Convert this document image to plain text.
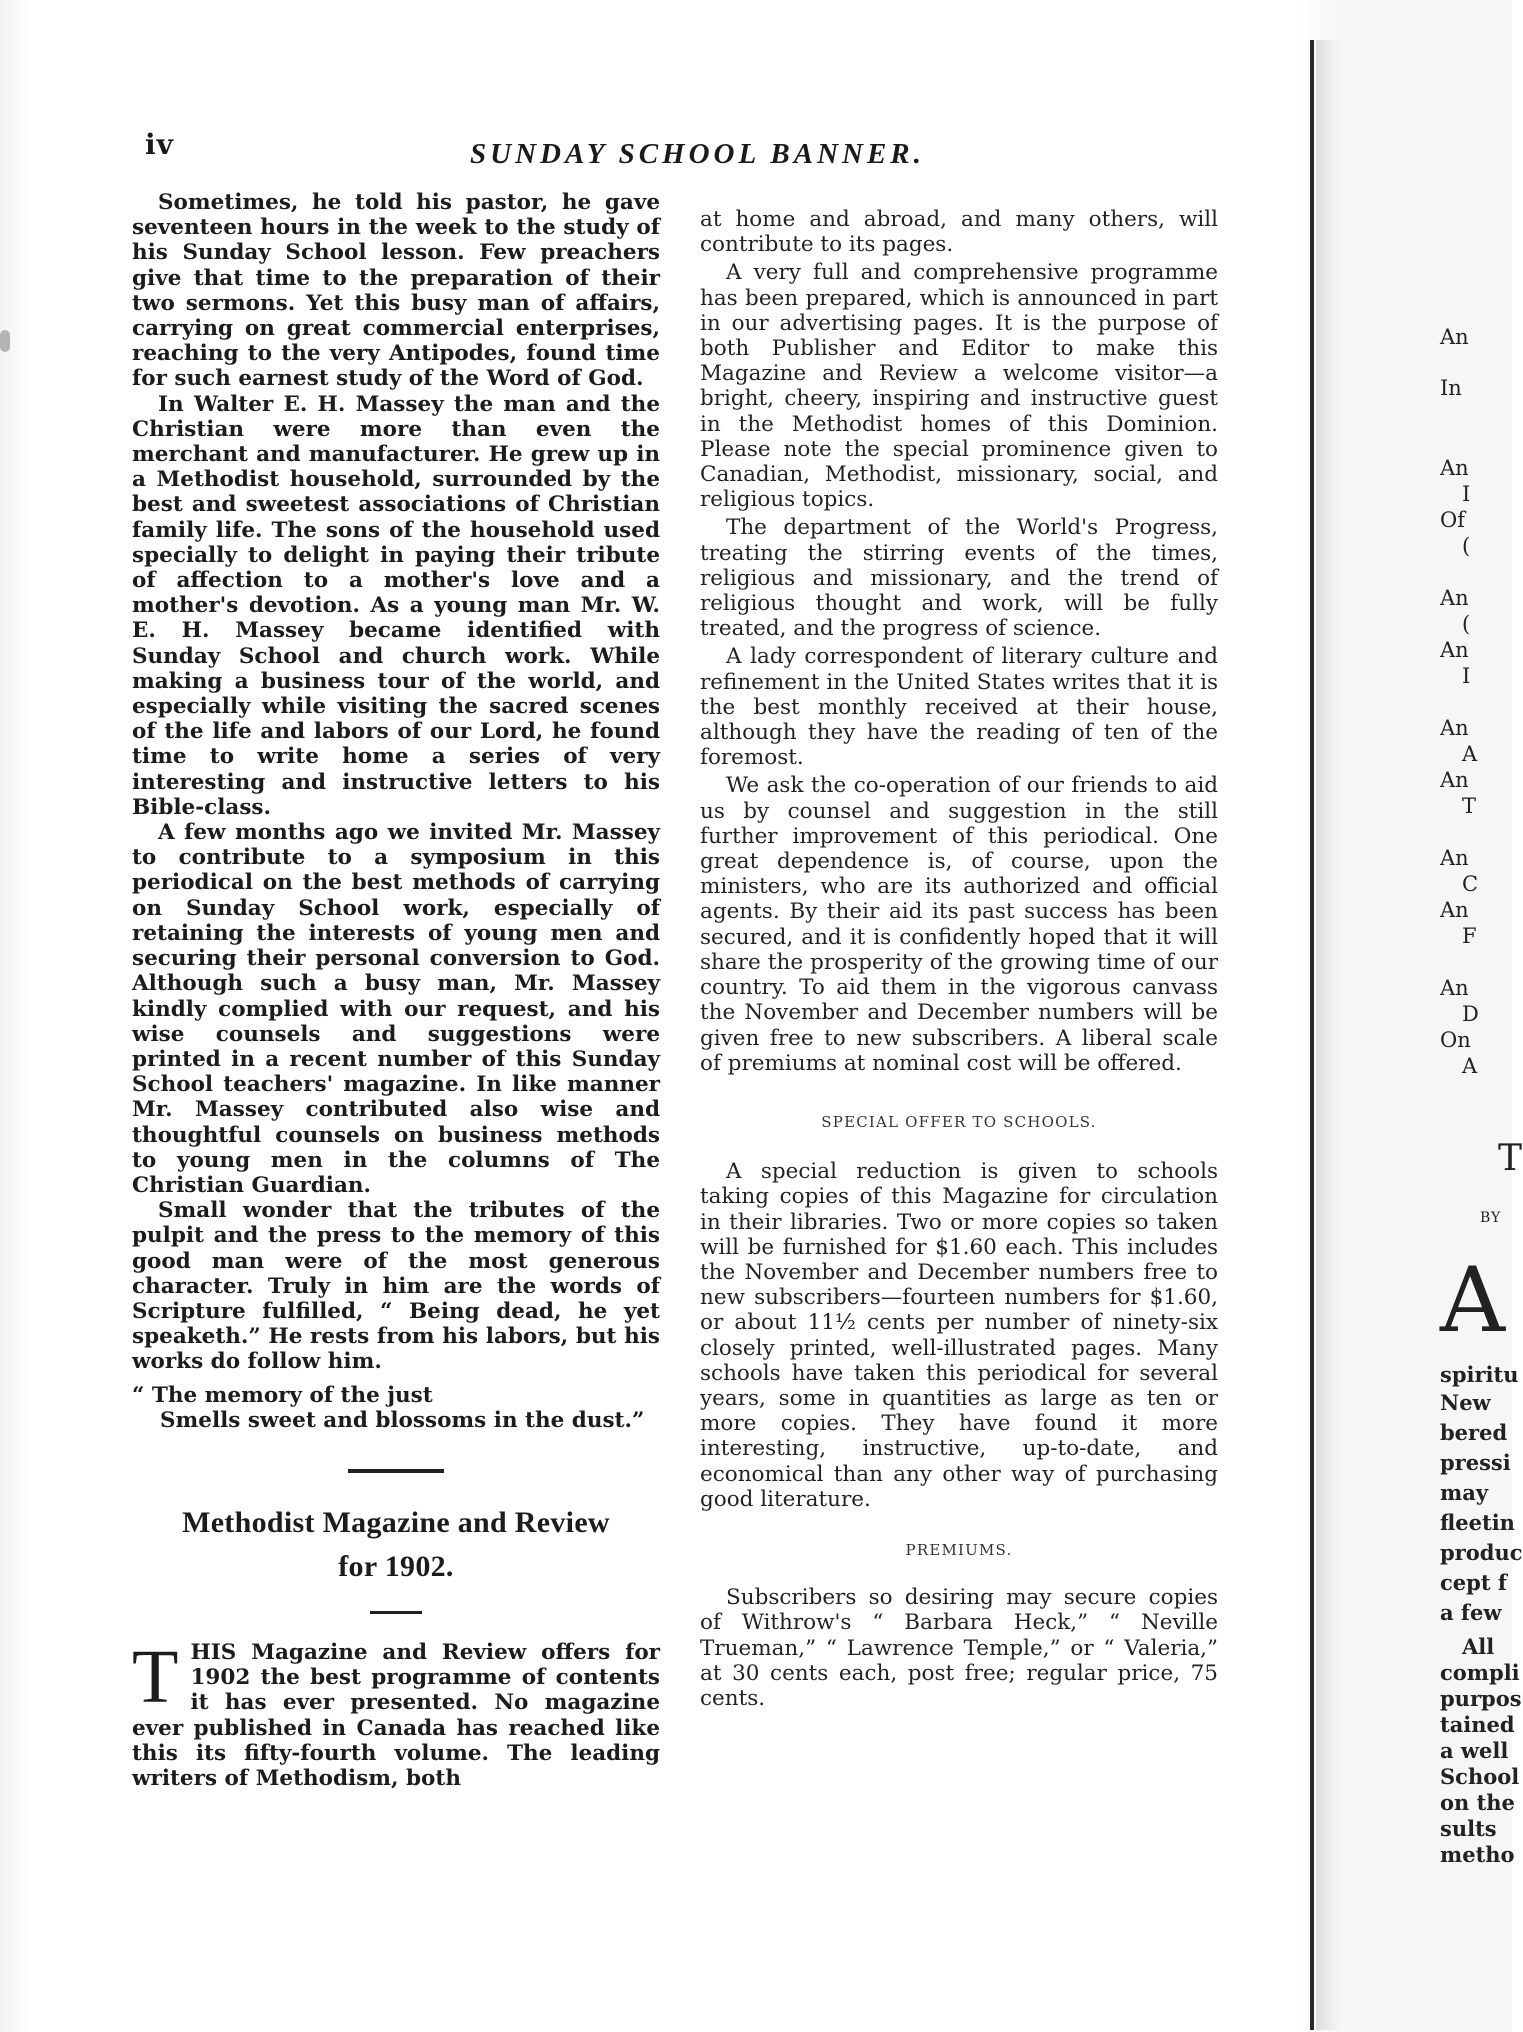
iv	SUNDAY SCHOOL BANNER.

Sometimes, he told his pastor, he gave seventeen hours in the week to the study of his Sunday School lesson. Few preachers give that time to the preparation of their two sermons. Yet this busy man of affairs, carrying on great commercial enterprises, reaching to the very Antipodes, found time for such earnest study of the Word of God.

In Walter E. H. Massey the man and the Christian were more than even the merchant and manufacturer. He grew up in a Methodist household, surrounded by the best and sweetest associations of Christian family life. The sons of the household used specially to delight in paying their tribute of affection to a mother's love and a mother's devotion. As a young man Mr. W. E. H. Massey became identified with Sunday School and church work. While making a business tour of the world, and especially while visiting the sacred scenes of the life and labors of our Lord, he found time to write home a series of very interesting and instructive letters to his Bible-class.

A few months ago we invited Mr. Massey to contribute to a symposium in this periodical on the best methods of carrying on Sunday School work, especially of retaining the interests of young men and securing their personal conversion to God. Although such a busy man, Mr. Massey kindly complied with our request, and his wise counsels and suggestions were printed in a recent number of this Sunday School teachers' magazine. In like manner Mr. Massey contributed also wise and thoughtful counsels on business methods to young men in the columns of The Christian Guardian.

Small wonder that the tributes of the pulpit and the press to the memory of this good man were of the most generous character. Truly in him are the words of Scripture fulfilled, “ Being dead, he yet speaketh.” He rests from his labors, but his works do follow him.

“ The memory of the just
Smells sweet and blossoms in the dust.”

Methodist Magazine and Review
for 1902.

T HIS Magazine and Review offers for 1902 the best programme of contents it has ever presented. No magazine ever published in Canada has reached like this its fifty-fourth volume. The leading writers of Methodism, both

at home and abroad, and many others, will contribute to its pages.

A very full and comprehensive programme has been prepared, which is announced in part in our advertising pages. It is the purpose of both Publisher and Editor to make this Magazine and Review a welcome visitor—a bright, cheery, inspiring and instructive guest in the Methodist homes of this Dominion. Please note the special prominence given to Canadian, Methodist, missionary, social, and religious topics.

The department of the World's Progress, treating the stirring events of the times, religious and missionary, and the trend of religious thought and work, will be fully treated, and the progress of science.

A lady correspondent of literary culture and refinement in the United States writes that it is the best monthly received at their house, although they have the reading of ten of the foremost.

We ask the co-operation of our friends to aid us by counsel and suggestion in the still further improvement of this periodical. One great dependence is, of course, upon the ministers, who are its authorized and official agents. By their aid its past success has been secured, and it is confidently hoped that it will share the prosperity of the growing time of our country. To aid them in the vigorous canvass the November and December numbers will be given free to new subscribers. A liberal scale of premiums at nominal cost will be offered.

SPECIAL OFFER TO SCHOOLS.

A special reduction is given to schools taking copies of this Magazine for circulation in their libraries. Two or more copies so taken will be furnished for $1.60 each. This includes the November and December numbers free to new subscribers—fourteen numbers for $1.60, or about 11½ cents per number of ninety-six closely printed, well-illustrated pages. Many schools have taken this periodical for several years, some in quantities as large as ten or more copies. They have found it more interesting, instructive, up-to-date, and economical than any other way of purchasing good literature.

PREMIUMS.

Subscribers so desiring may secure copies of Withrow's “ Barbara Heck,” “ Neville Trueman,” “ Lawrence Temple,” or “ Valeria,” at 30 cents each, post free; regular price, 75 cents.

An
In
An
I
Of
(
An
(
An
I
An
A
An
T
An
C
An
F
An
D
On
A
T
BY
A
spiritu
New
bered
pressi
may
fleetin
produc
cept f
a few
All
compli
purpos
tained
a well
School
on the
sults
metho
